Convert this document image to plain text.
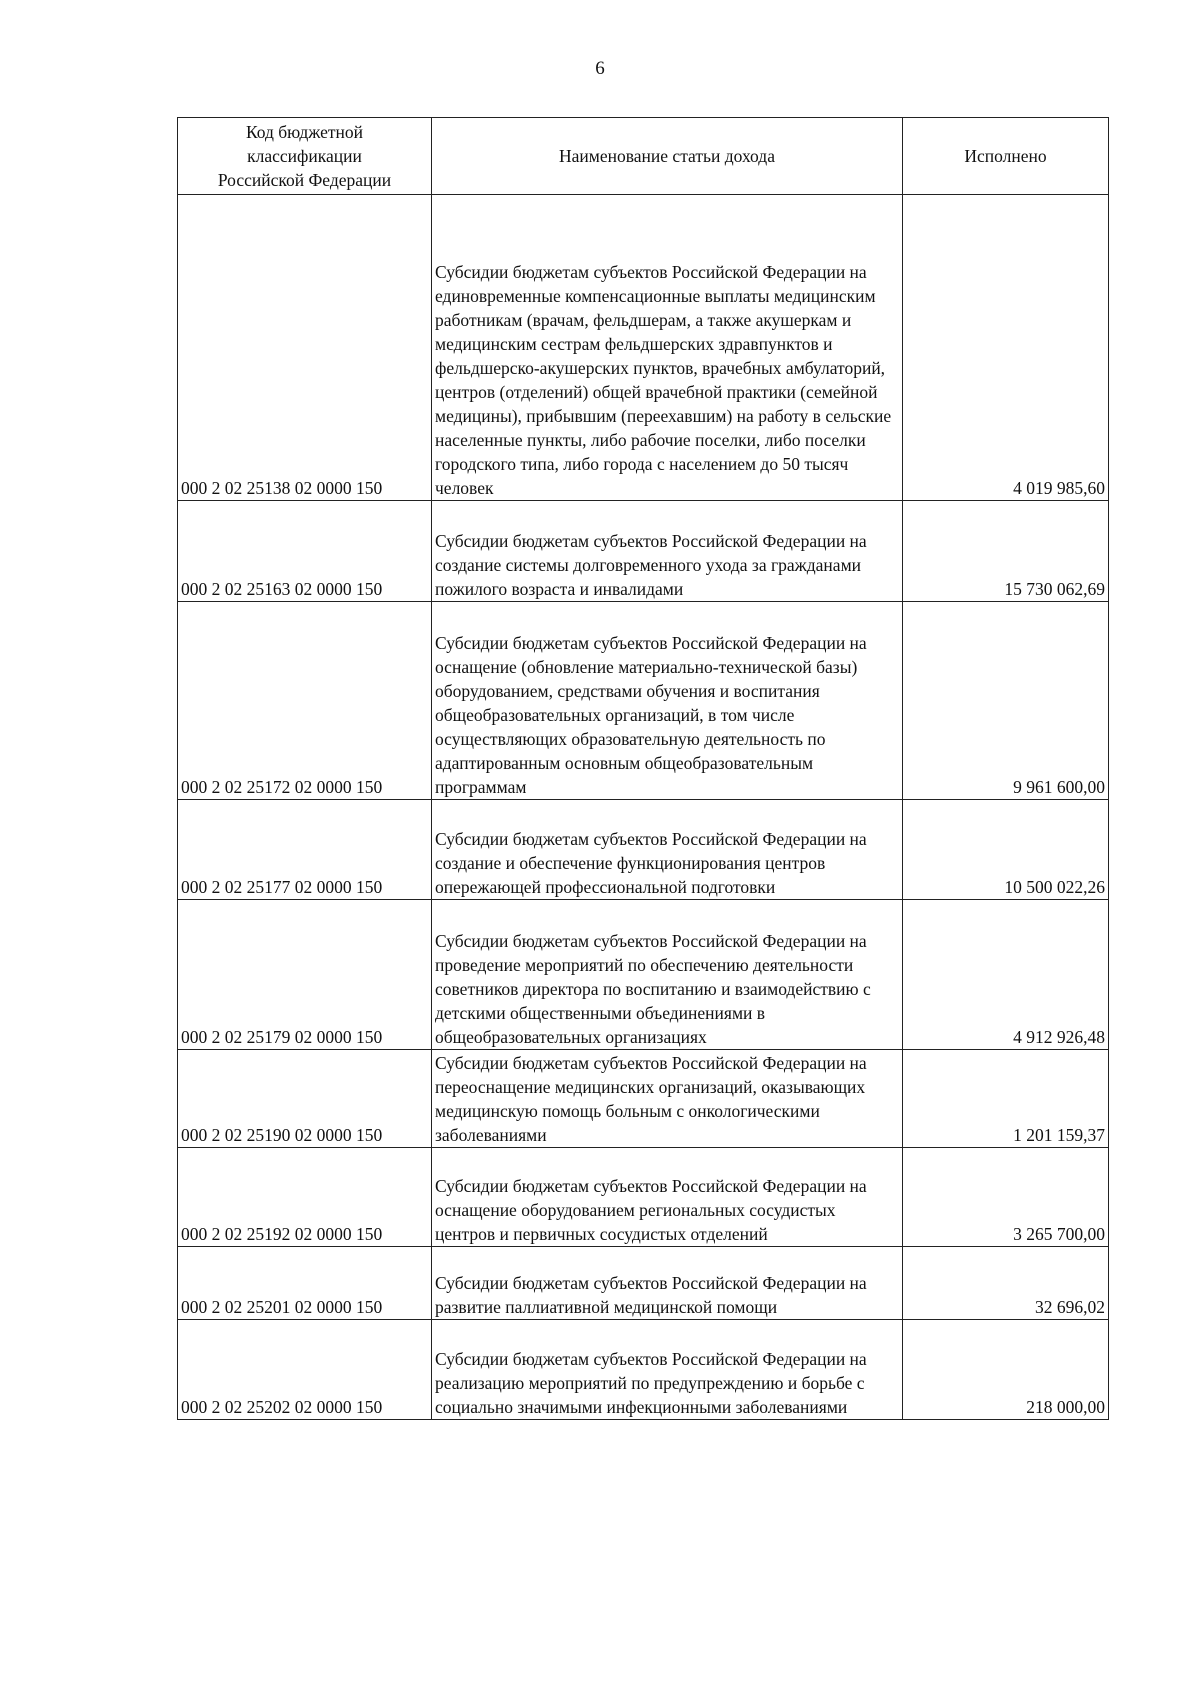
6
Код бюджетной
классификации
Российской Федерации	Наименование статьи дохода	Исполнено
000 2 02 25138 02 0000 150	Субсидии бюджетам субъектов Российской Федерации на единовременные компенсационные выплаты медицинским работникам (врачам, фельдшерам, а также акушеркам и медицинским сестрам фельдшерских здравпунктов и фельдшерско-акушерских пунктов, врачебных амбулаторий, центров (отделений) общей врачебной практики (семейной медицины), прибывшим (переехавшим) на работу в сельские населенные пункты, либо рабочие поселки, либо поселки городского типа, либо города с населением до 50 тысяч человек	4 019 985,60
000 2 02 25163 02 0000 150	Субсидии бюджетам субъектов Российской Федерации на создание системы долговременного ухода за гражданами пожилого возраста и инвалидами	15 730 062,69
000 2 02 25172 02 0000 150	Субсидии бюджетам субъектов Российской Федерации на оснащение (обновление материально-технической базы) оборудованием, средствами обучения и воспитания общеобразовательных организаций, в том числе осуществляющих образовательную деятельность по адаптированным основным общеобразовательным программам	9 961 600,00
000 2 02 25177 02 0000 150	Субсидии бюджетам субъектов Российской Федерации на создание и обеспечение функционирования центров опережающей профессиональной подготовки	10 500 022,26
000 2 02 25179 02 0000 150	Субсидии бюджетам субъектов Российской Федерации на проведение мероприятий по обеспечению деятельности советников директора по воспитанию и взаимодействию с детскими общественными объединениями в общеобразовательных организациях	4 912 926,48
000 2 02 25190 02 0000 150	Субсидии бюджетам субъектов Российской Федерации на переоснащение медицинских организаций, оказывающих медицинскую помощь больным с онкологическими заболеваниями	1 201 159,37
000 2 02 25192 02 0000 150	Субсидии бюджетам субъектов Российской Федерации на оснащение оборудованием региональных сосудистых центров и первичных сосудистых отделений	3 265 700,00
000 2 02 25201 02 0000 150	Субсидии бюджетам субъектов Российской Федерации на развитие паллиативной медицинской помощи	32 696,02
000 2 02 25202 02 0000 150	Субсидии бюджетам субъектов Российской Федерации на реализацию мероприятий по предупреждению и борьбе с социально значимыми инфекционными заболеваниями	218 000,00
